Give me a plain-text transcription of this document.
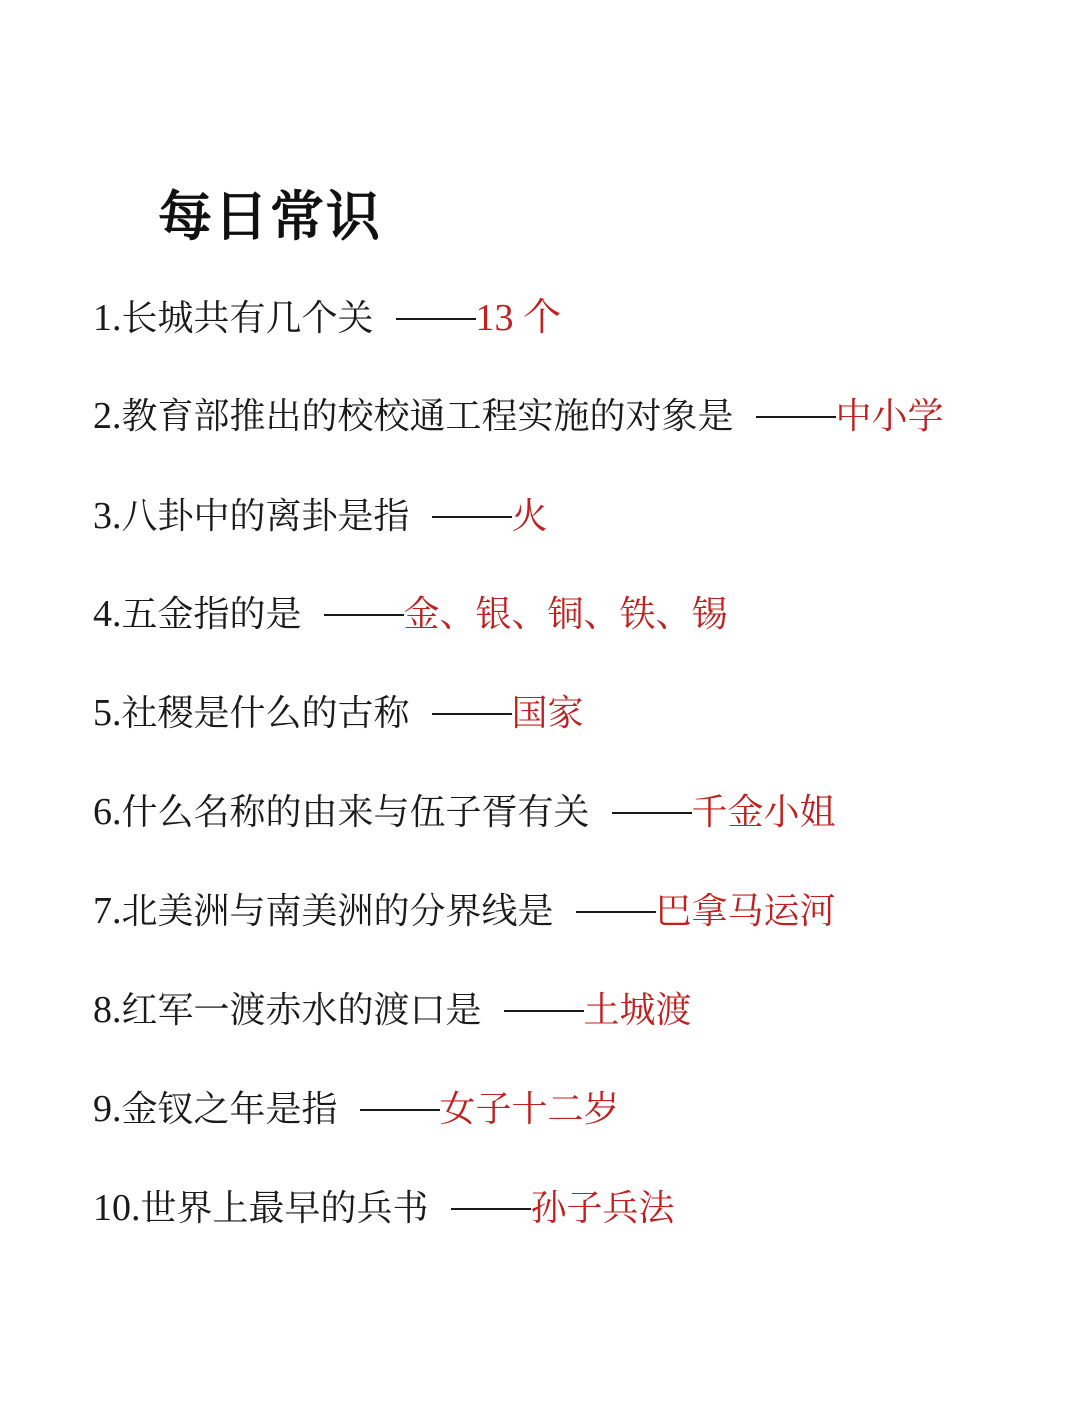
每日常识
1.长城共有几个关	13 个
2.教育部推出的校校通工程实施的对象是	中小学
3.八卦中的离卦是指	火
4.五金指的是	金、银、铜、铁、锡
5.社稷是什么的古称	国家
6.什么名称的由来与伍子胥有关	千金小姐
7.北美洲与南美洲的分界线是	巴拿马运河
8.红军一渡赤水的渡口是	土城渡
9.金钗之年是指	女子十二岁
10.世界上最早的兵书	孙子兵法
